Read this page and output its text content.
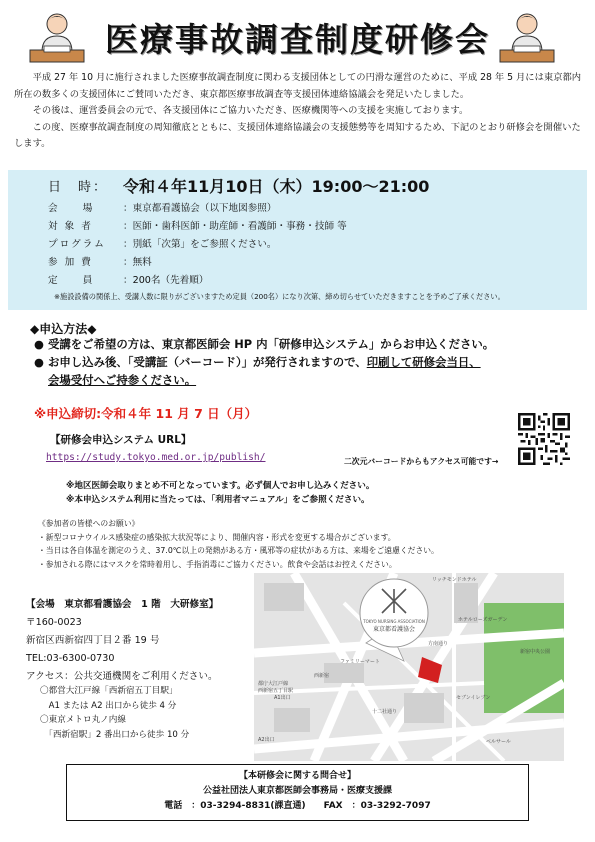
医療事故調査制度研修会

平成 27 年 10 月に施行されました医療事故調査制度に関わる支援団体としての円滑な運営のために、平成 28 年 5 月には東京都内所在の数多くの支援団体にご賛同いただき、東京都医療事故調査等支援団体連絡協議会を発足いたしました。

その後は、運営委員会の元で、各支援団体にご協力いただき、医療機関等への支援を実施しております。

この度、医療事故調査制度の周知徹底とともに、支援団体連絡協議会の支援態勢等を周知するため、下記のとおり研修会を開催いたします。

日　時： 令和４年11月10日（木）19:00～21:00
会　　場	：東京都看護協会（以下地図参照）
対 象 者	：医師・歯科医師・助産師・看護師・事務・技師 等
プログラム	：別紙「次第」をご参照ください。
参 加 費	：無料
定　　員	：200名（先着順）
※施設設備の関係上、受講人数に限りがございますため定員（200名）になり次第、締め切らせていただきますことを予めご了承ください。
◆申込方法◆
● 受講をご希望の方は、東京都医師会 HP 内「研修申込システム」からお申込ください。
● お申し込み後、「受講証（バーコード）」が発行されますので、印刷して研修会当日、
会場受付へご持参ください。
※申込締切:令和４年 11 月 7 日（月）
【研修会申込システム URL】
https://study.tokyo.med.or.jp/publish/	二次元バーコードからもアクセス可能です→
※地区医師会取りまとめ不可となっています。必ず個人でお申し込みください。
※本申込システム利用に当たっては、「利用者マニュアル」をご参照ください。
《参加者の皆様へのお願い》
・新型コロナウイルス感染症の感染拡大状況等により、開催内容・形式を変更する場合がございます。
・当日は各自体温を測定のうえ、37.0℃以上の発熱がある方・風邪等の症状がある方は、来場をご遠慮ください。
・参加される際にはマスクを常時着用し、手指消毒にご協力ください。飲食や会話はお控えください。
【会場　東京都看護協会　1 階　大研修室】
〒160-0023
新宿区西新宿四丁目２番 19 号
TEL:03-6300-0730
アクセス：公共交通機関をご利用ください。
〇都営大江戸線「西新宿五丁目駅」
　A1 または A2 出口から徒歩 4 分
〇東京メトロ丸ノ内線
　「西新宿駅」2 番出口から徒歩 10 分
TOKYO NURSING ASSOCIATION
東京都看護協会
リッチモンドホテル
都庁大江戸線
西新宿五丁目駅
A1出口
A2出口
ファミリーマート
セブンイレブン
新宿中央公園
ホテルローズガーデン
西新宿
ベルサール
方南通り
十二社通り
【本研修会に関する問合せ】
公益社団法人東京都医師会事務局・医療支援課
電話　：03-3294-8831(課直通)　　FAX　：03-3292-7097
